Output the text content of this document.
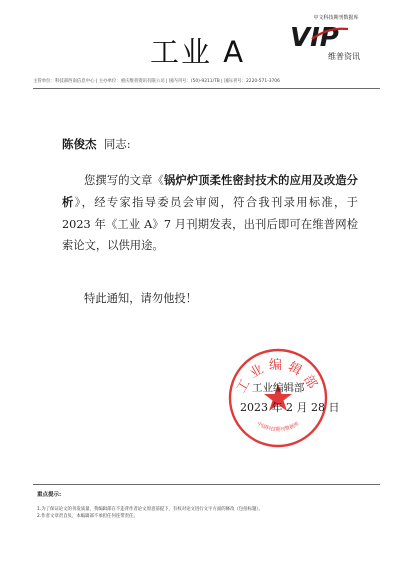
工业 A
中文科技期刊数据库
VIP
维普资讯
主管单位：科技部西南信息中心 | 主办单位：重庆维普资讯有限公司 | 国内刊号：(50)-9211/TB | 国际刊号：2220-571-3706
陈俊杰 同志:
您撰写的文章《锅炉炉顶柔性密封技术的应用及改造分析》，经专家指导委员会审阅，符合我刊录用标准，于 2023 年《工业 A》7 月刊期发表，出刊后即可在维普网检索论文，以供用途。
特此通知，请勿他投！
工业编辑部
中国科技期刊数据库
工业编辑部
2023 年 2 月 28 日
重点提示:
1.为了保证论文的刊发质量，我编辑部在不违背作者论文原意前提下，有权对论文进行文字方面的修改（包括标题）。
2.作者文章责自负，本编辑部不承担任何连带责任。
